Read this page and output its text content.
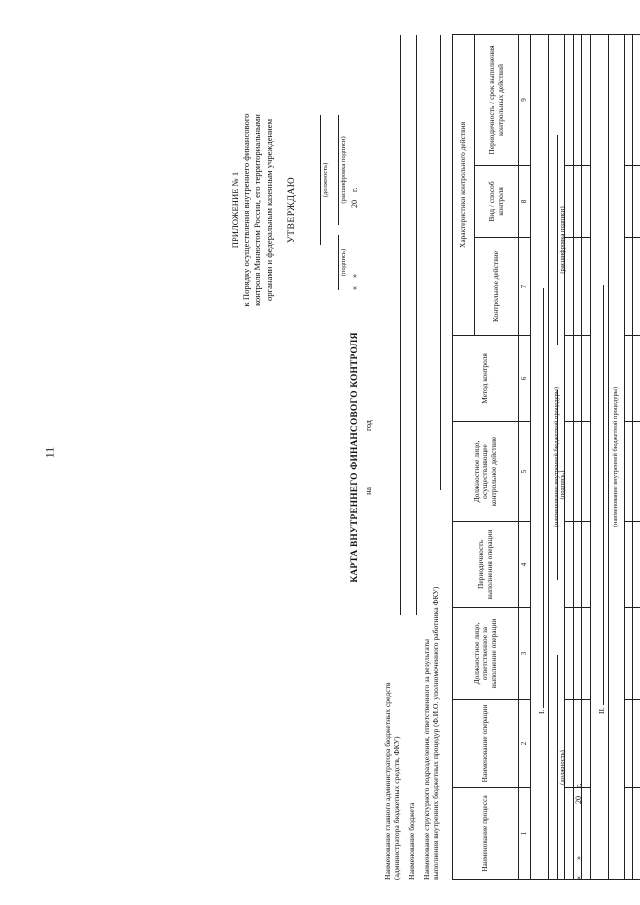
11
ПРИЛОЖЕНИЕ № 1 к Порядку осуществления внутреннего финансового контроля Минюстом России, его территориальными органами и федеральным казенным учреждением УТВЕРЖДАЮ	(должность)
(подпись)
(расшифровка подписи)
«    »                                 20    г.
КАРТА ВНУТРЕННЕГО ФИНАНСОВОГО КОНТРОЛЯ на                            год
Наименование главного администратора бюджетных средств (администратора бюджетных средств, ФКУ) Наименование бюджета Наименование структурного подразделения, ответственного за результаты выполнения внутренних бюджетных процедур (Ф.И.О. уполномоченного работника ФКУ)	Наименование процесса	Наименование операции	Должностное лицо, ответственное за выполнение операции	Периодичность выполнения операции	Должностное лицо, осуществляющее контрольное действие	Метод контроля	Характеристики контрольного действия		
						Контрольное действие	Вид / способ контроля	Периодичность / срок выполнения контрольных действий
1	2	3	4	5	6	7	8	9
I.								
(наименование внутренней бюджетной процедуры)								

II.								
(наименование внутренней бюджетной процедуры)								

(должность)
(подпись.)
(расшифровка подписи)
«        »                          20    г.
